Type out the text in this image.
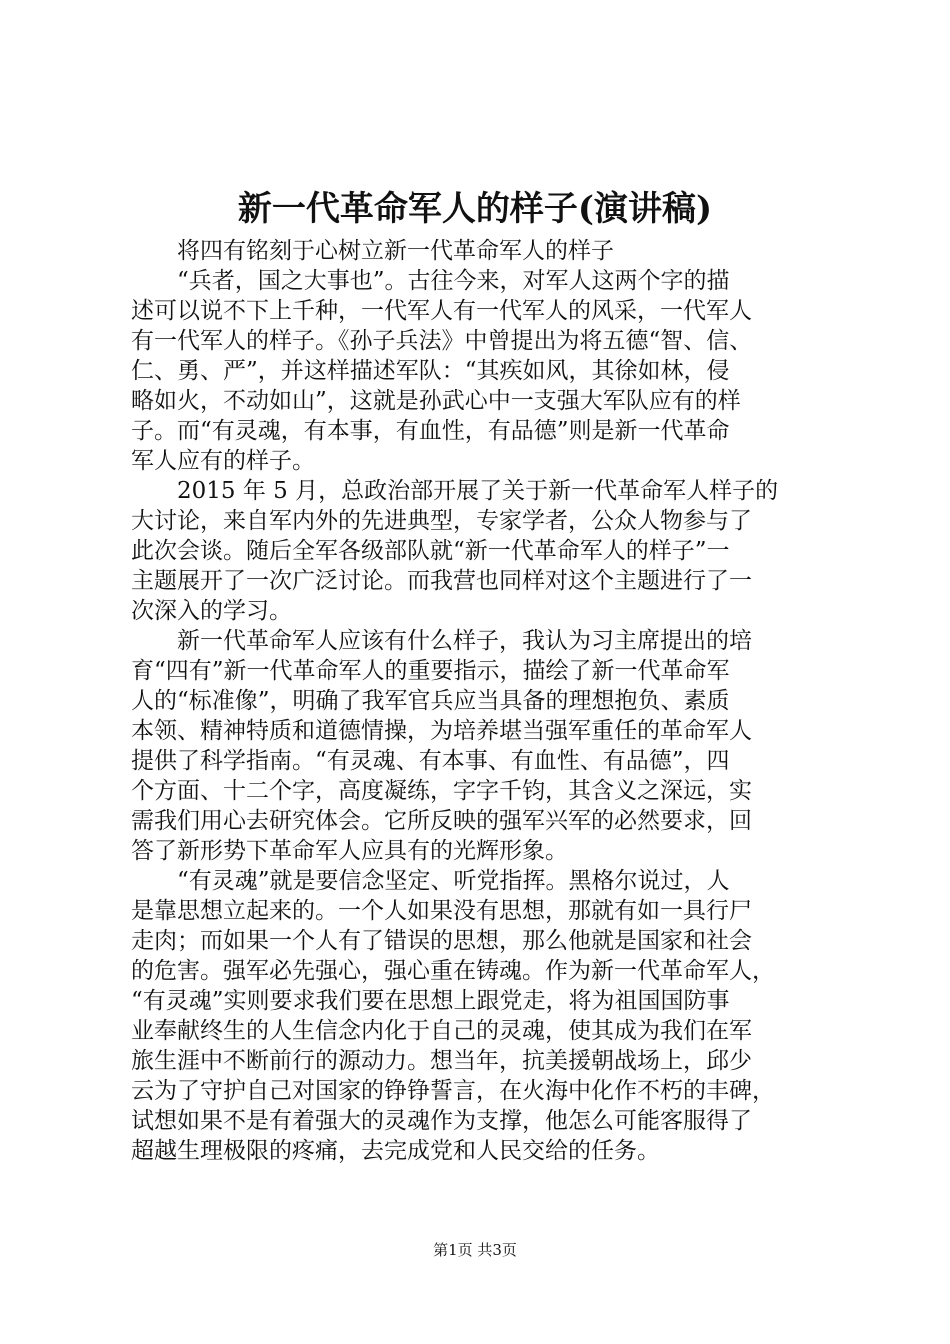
新一代革命军人的样子(演讲稿)
将四有铭刻于心树立新一代革命军人的样子
“兵者，国之大事也”。古往今来，对军人这两个字的描
述可以说不下上千种，一代军人有一代军人的风采，一代军人
有一代军人的样子。《孙子兵法》中曾提出为将五德“智、信、
仁、勇、严”，并这样描述军队：“其疾如风，其徐如林，侵
略如火，不动如山”，这就是孙武心中一支强大军队应有的样
子。而“有灵魂，有本事，有血性，有品德”则是新一代革命
军人应有的样子。
2015 年 5 月，总政治部开展了关于新一代革命军人样子的
大讨论，来自军内外的先进典型，专家学者，公众人物参与了
此次会谈。随后全军各级部队就“新一代革命军人的样子”一
主题展开了一次广泛讨论。而我营也同样对这个主题进行了一
次深入的学习。
新一代革命军人应该有什么样子，我认为习主席提出的培
育“四有”新一代革命军人的重要指示，描绘了新一代革命军
人的“标准像”，明确了我军官兵应当具备的理想抱负、素质
本领、精神特质和道德情操，为培养堪当强军重任的革命军人
提供了科学指南。“有灵魂、有本事、有血性、有品德”，四
个方面、十二个字，高度凝练，字字千钧，其含义之深远，实
需我们用心去研究体会。它所反映的强军兴军的必然要求，回
答了新形势下革命军人应具有的光辉形象。
“有灵魂”就是要信念坚定、听党指挥。黑格尔说过，人
是靠思想立起来的。一个人如果没有思想，那就有如一具行尸
走肉；而如果一个人有了错误的思想，那么他就是国家和社会
的危害。强军必先强心，强心重在铸魂。作为新一代革命军人，
“有灵魂”实则要求我们要在思想上跟党走，将为祖国国防事
业奉献终生的人生信念内化于自己的灵魂，使其成为我们在军
旅生涯中不断前行的源动力。想当年，抗美援朝战场上，邱少
云为了守护自己对国家的铮铮誓言，在火海中化作不朽的丰碑，
试想如果不是有着强大的灵魂作为支撑，他怎么可能客服得了
超越生理极限的疼痛，去完成党和人民交给的任务。
第1页 共3页
